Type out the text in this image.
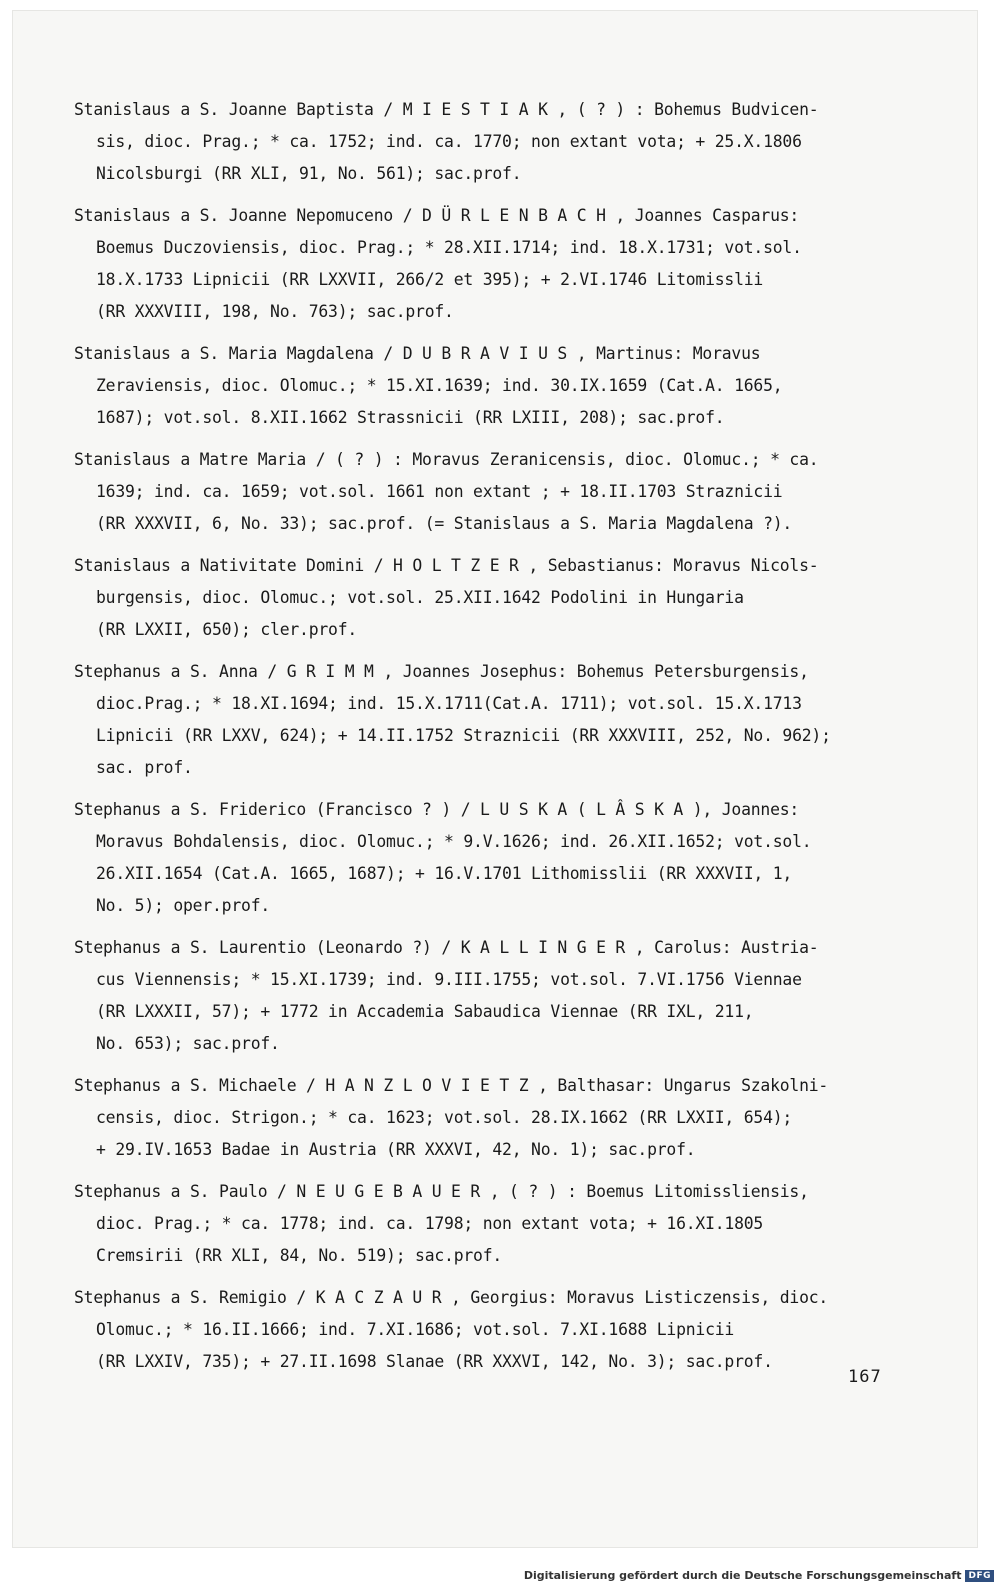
Stanislaus a S. Joanne Baptista / M I E S T I A K , ( ? ) : Bohemus Budvicen-
sis, dioc. Prag.; * ca. 1752; ind. ca. 1770; non extant vota; + 25.X.1806
Nicolsburgi (RR XLI, 91, No. 561); sac.prof.
Stanislaus a S. Joanne Nepomuceno / D Ü R L E N B A C H , Joannes Casparus:
Boemus Duczoviensis, dioc. Prag.; * 28.XII.1714; ind. 18.X.1731; vot.sol.
18.X.1733 Lipnicii (RR LXXVII, 266/2 et 395); + 2.VI.1746 Litomisslii
(RR XXXVIII, 198, No. 763); sac.prof.
Stanislaus a S. Maria Magdalena / D U B R A V I U S , Martinus: Moravus
Zeraviensis, dioc. Olomuc.; * 15.XI.1639; ind. 30.IX.1659 (Cat.A. 1665,
1687); vot.sol. 8.XII.1662 Strassnicii (RR LXIII, 208); sac.prof.
Stanislaus a Matre Maria / ( ? ) : Moravus Zeranicensis, dioc. Olomuc.; * ca.
1639; ind. ca. 1659; vot.sol. 1661 non extant ; + 18.II.1703 Straznicii
(RR XXXVII, 6, No. 33); sac.prof. (= Stanislaus a S. Maria Magdalena ?).
Stanislaus a Nativitate Domini / H O L T Z E R , Sebastianus: Moravus Nicols-
burgensis, dioc. Olomuc.; vot.sol. 25.XII.1642 Podolini in Hungaria
(RR LXXII, 650); cler.prof.
Stephanus a S. Anna / G R I M M , Joannes Josephus: Bohemus Petersburgensis,
dioc.Prag.; * 18.XI.1694; ind. 15.X.1711(Cat.A. 1711); vot.sol. 15.X.1713
Lipnicii (RR LXXV, 624); + 14.II.1752 Straznicii (RR XXXVIII, 252, No. 962);
sac. prof.
Stephanus a S. Friderico (Francisco ? ) / L U S K A ( L Â S K A ), Joannes:
Moravus Bohdalensis, dioc. Olomuc.; * 9.V.1626; ind. 26.XII.1652; vot.sol.
26.XII.1654 (Cat.A. 1665, 1687); + 16.V.1701 Lithomisslii (RR XXXVII, 1,
No. 5); oper.prof.
Stephanus a S. Laurentio (Leonardo ?) / K A L L I N G E R , Carolus: Austria-
cus Viennensis; * 15.XI.1739; ind. 9.III.1755; vot.sol. 7.VI.1756 Viennae
(RR LXXXII, 57); + 1772 in Accademia Sabaudica Viennae (RR IXL, 211,
No. 653); sac.prof.
Stephanus a S. Michaele / H A N Z L O V I E T Z , Balthasar: Ungarus Szakolni-
censis, dioc. Strigon.; * ca. 1623; vot.sol. 28.IX.1662 (RR LXXII, 654);
+ 29.IV.1653 Badae in Austria (RR XXXVI, 42, No. 1); sac.prof.
Stephanus a S. Paulo / N E U G E B A U E R , ( ? ) : Boemus Litomissliensis,
dioc. Prag.; * ca. 1778; ind. ca. 1798; non extant vota; + 16.XI.1805
Cremsirii (RR XLI, 84, No. 519); sac.prof.
Stephanus a S. Remigio / K A C Z A U R , Georgius: Moravus Listiczensis, dioc.
Olomuc.; * 16.II.1666; ind. 7.XI.1686; vot.sol. 7.XI.1688 Lipnicii
(RR LXXIV, 735); + 27.II.1698 Slanae (RR XXXVI, 142, No. 3); sac.prof.
167
Digitalisierung gefördert durch die Deutsche Forschungsgemeinschaft DFG
